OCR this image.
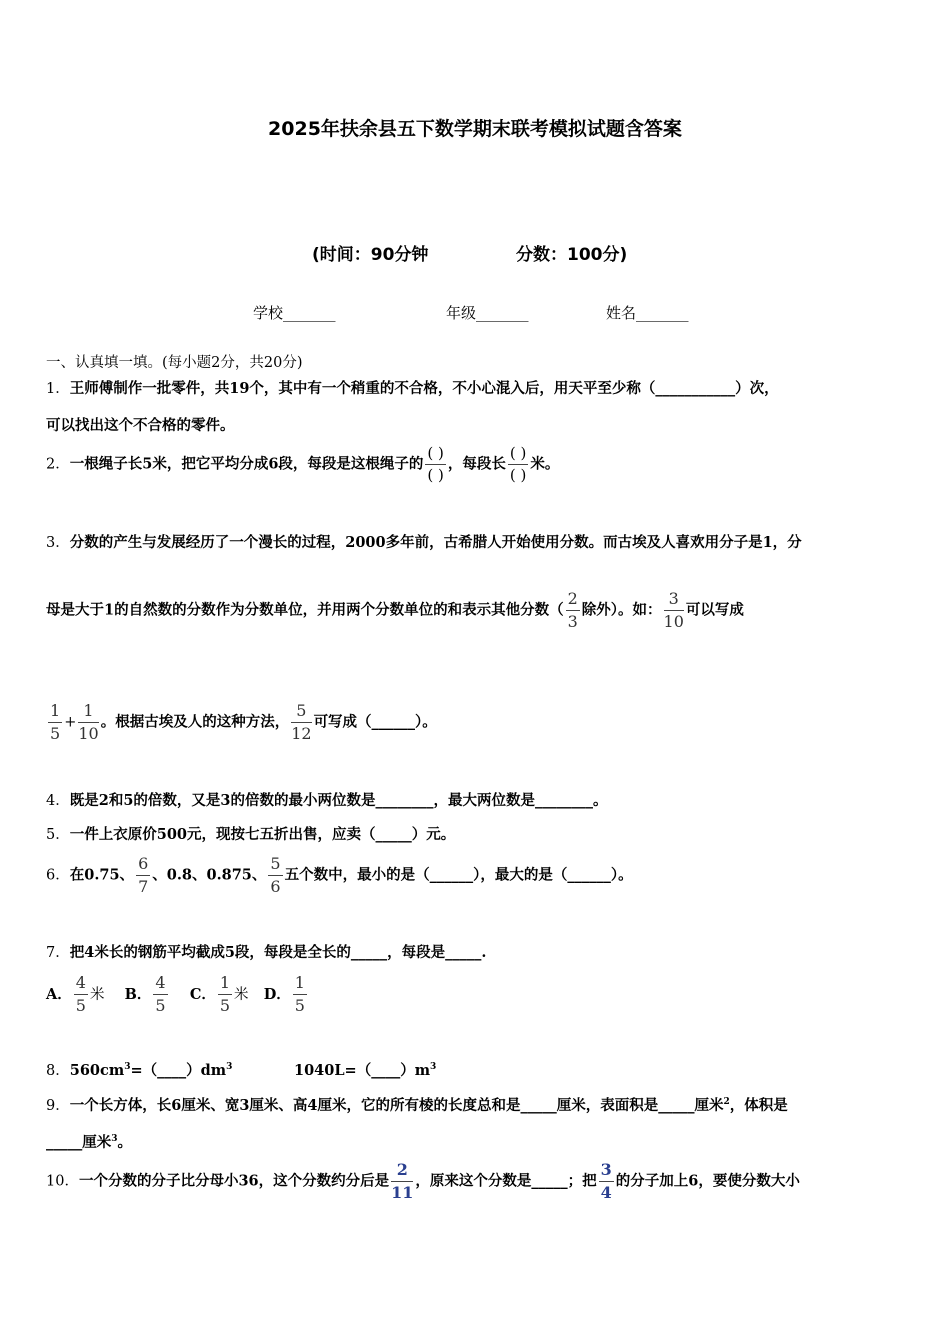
2025年扶余县五下数学期末联考模拟试题含答案
(时间：90分钟	分数：100分)
学校_______	年级_______	姓名_______
一、认真填一填。(每小题2分，共20分)
1．王师傅制作一批零件，共19个，其中有一个稍重的不合格，不小心混入后，用天平至少称（___________）次，
可以找出这个不合格的零件。
2．一根绳子长5米，把它平均分成6段，每段是这根绳子的 $\frac{( )}{( )}$ ，每段长 $\frac{( )}{( )}$ 米。
3．分数的产生与发展经历了一个漫长的过程，2000多年前，古希腊人开始使用分数。而古埃及人喜欢用分子是1，分
母是大于1的自然数的分数作为分数单位，并用两个分数单位的和表示其他分数（ $\frac{2}{3}$ 除外）。如： $\frac{3}{10}$ 可以写成
$\frac{1}{5} + \frac{1}{10}$ 。根据古埃及人的这种方法， $\frac{5}{12}$ 可写成（______）。
4．既是2和5的倍数，又是3的倍数的最小两位数是________，最大两位数是________。
5．一件上衣原价500元，现按七五折出售，应卖（_____）元。
6．在0.75、 $\frac{6}{7}$ 、0.8、0.875、 $\frac{5}{6}$ 五个数中，最小的是（______），最大的是（______）。
7．把4米长的钢筋平均截成5段，每段是全长的_____，每段是_____.
A． $\frac{4}{5}$ 米 B． $\frac{4}{5}$ C． $\frac{1}{5}$ 米 D． $\frac{1}{5}$
8．$560cm^3=(\_\_\_\_)dm^3$	$1040L=(\_\_\_\_)m^3$
9．一个长方体，长6厘米、宽3厘米、高4厘米，它的所有棱的长度总和是_____厘米，表面积是_____厘米$^2$，体积是
_____厘米$^3$。
10．一个分数的分子比分母小36，这个分数约分后是 $\frac{2}{11}$ ，原来这个分数是_____；把 $\frac{3}{4}$ 的分子加上6，要使分数大小
